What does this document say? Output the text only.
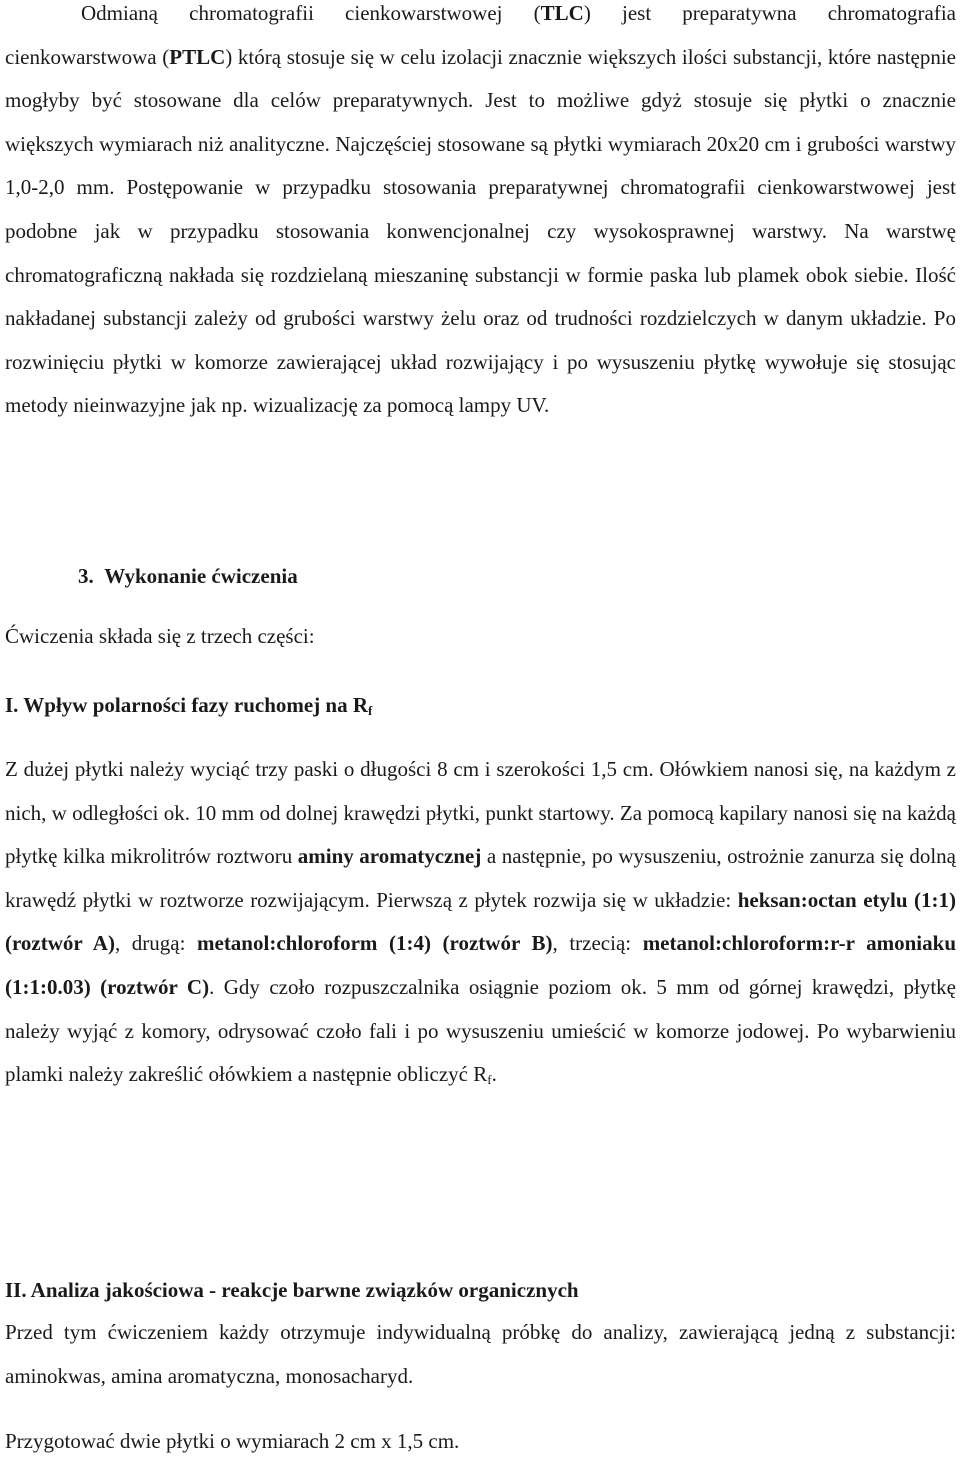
Odmianą chromatografii cienkowarstwowej (TLC) jest preparatywna chromatografia cienkowarstwowa (PTLC) którą stosuje się w celu izolacji znacznie większych ilości substancji, które następnie mogłyby być stosowane dla celów preparatywnych. Jest to możliwe gdyż stosuje się płytki o znacznie większych wymiarach niż analityczne. Najczęściej stosowane są płytki wymiarach 20x20 cm i grubości warstwy 1,0-2,0 mm. Postępowanie w przypadku stosowania preparatywnej chromatografii cienkowarstwowej jest podobne jak w przypadku stosowania konwencjonalnej czy wysokosprawnej warstwy. Na warstwę chromatograficzną nakłada się rozdzielaną mieszaninę substancji w formie paska lub plamek obok siebie. Ilość nakładanej substancji zależy od grubości warstwy żelu oraz od trudności rozdzielczych w danym układzie. Po rozwinięciu płytki w komorze zawierającej układ rozwijający i po wysuszeniu płytkę wywołuje się stosując metody nieinwazyjne jak np. wizualizację za pomocą lampy UV.

3. Wykonanie ćwiczenia

Ćwiczenia składa się z trzech części:

I. Wpływ polarności fazy ruchomej na $R_f$

Z dużej płytki należy wyciąć trzy paski o długości 8 cm i szerokości 1,5 cm. Ołówkiem nanosi się, na każdym z nich, w odległości ok. 10 mm od dolnej krawędzi płytki, punkt startowy. Za pomocą kapilary nanosi się na każdą płytkę kilka mikrolitrów roztworu aminy aromatycznej a następnie, po wysuszeniu, ostrożnie zanurza się dolną krawędź płytki w roztworze rozwijającym. Pierwszą z płytek rozwija się w układzie: heksan:octan etylu (1:1) (roztwór A), drugą: metanol:chloroform (1:4) (roztwór B), trzecią: metanol:chloroform:r-r amoniaku (1:1:0.03) (roztwór C). Gdy czoło rozpuszczalnika osiągnie poziom ok. 5 mm od górnej krawędzi, płytkę należy wyjąć z komory, odrysować czoło fali i po wysuszeniu umieścić w komorze jodowej. Po wybarwieniu plamki należy zakreślić ołówkiem a następnie obliczyć $R_f$.

II. Analiza jakościowa - reakcje barwne związków organicznych

Przed tym ćwiczeniem każdy otrzymuje indywidualną próbkę do analizy, zawierającą jedną z substancji: aminokwas, amina aromatyczna, monosacharyd.

Przygotować dwie płytki o wymiarach 2 cm x 1,5 cm.
